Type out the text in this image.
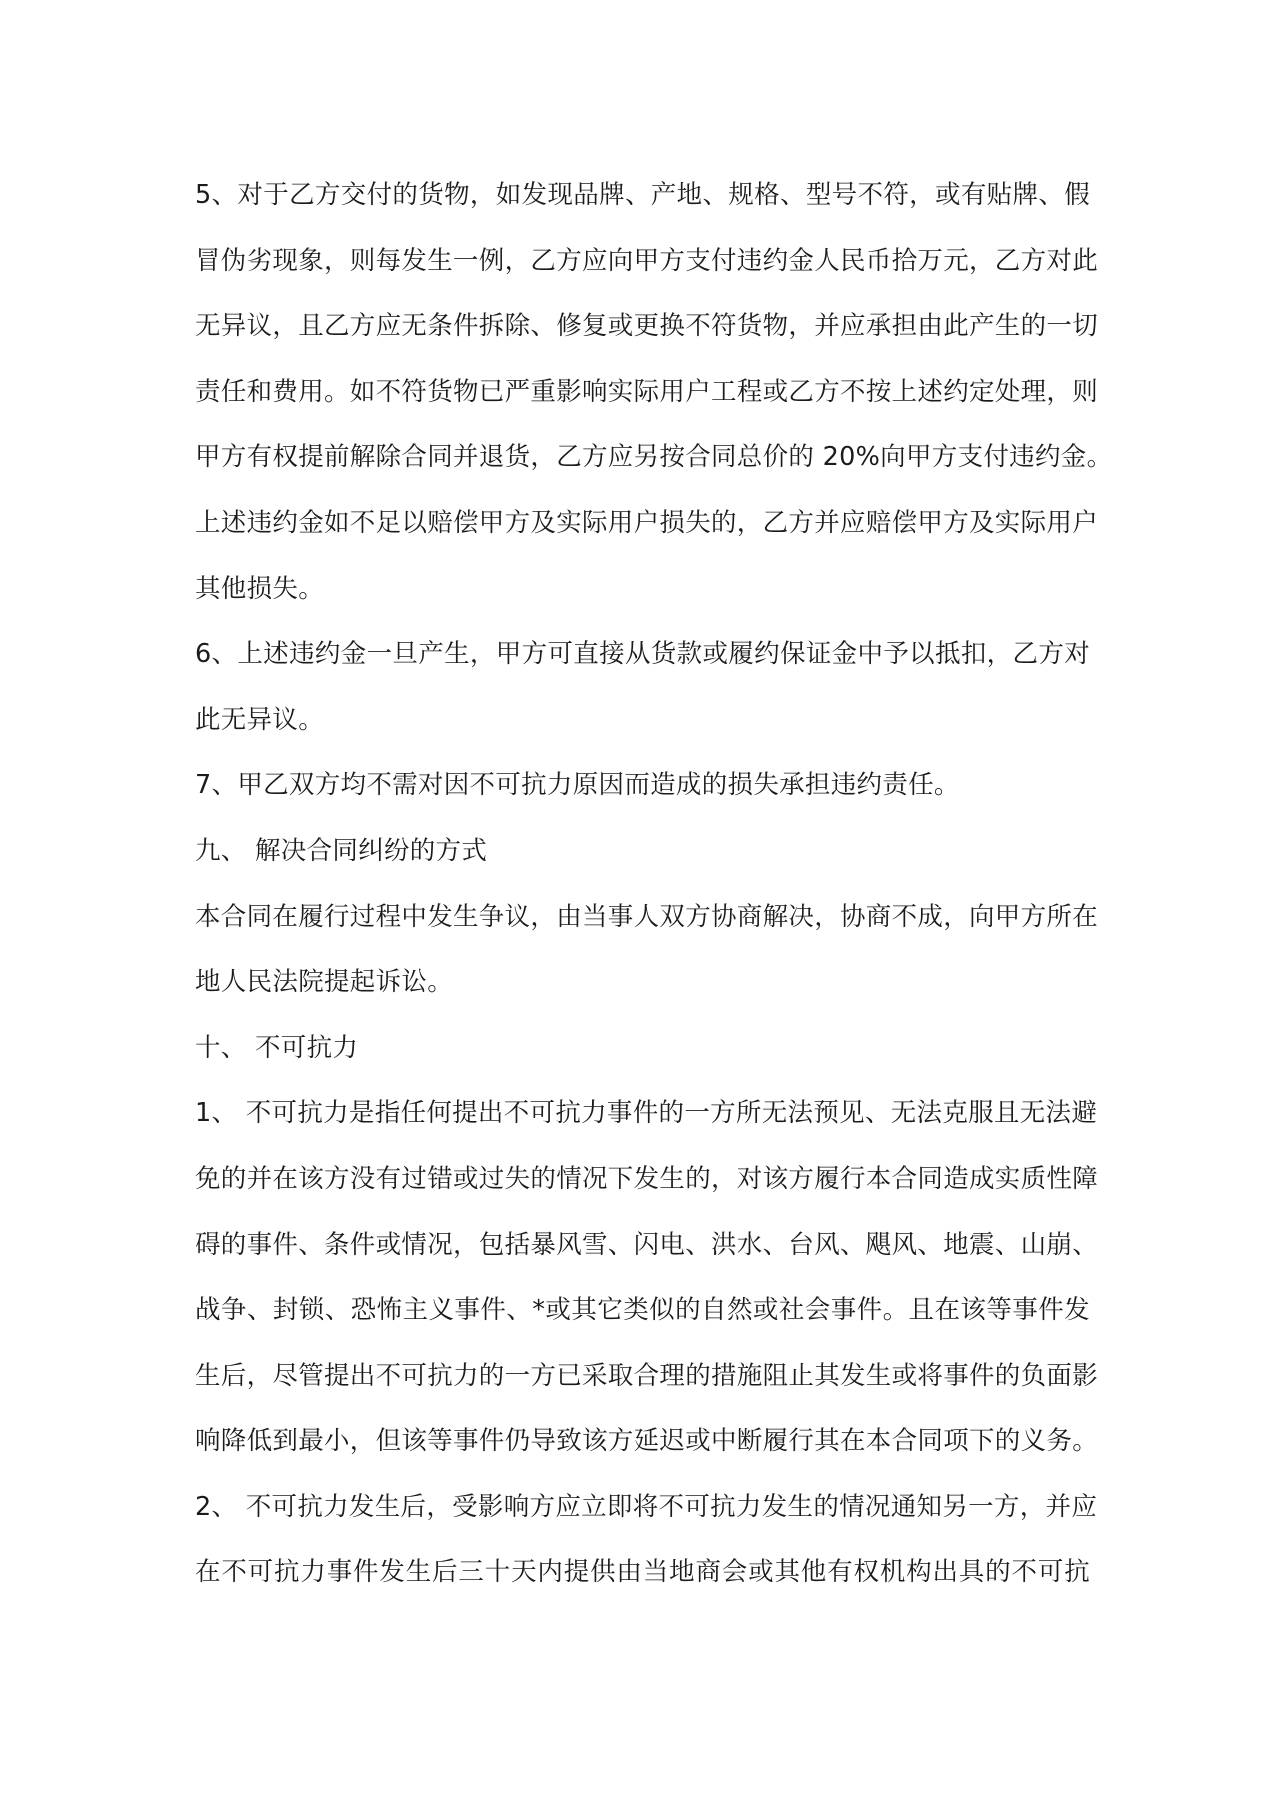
5、对于乙方交付的货物，如发现品牌、产地、规格、型号不符，或有贴牌、假
冒伪劣现象，则每发生一例，乙方应向甲方支付违约金人民币拾万元，乙方对此
无异议，且乙方应无条件拆除、修复或更换不符货物，并应承担由此产生的一切
责任和费用。如不符货物已严重影响实际用户工程或乙方不按上述约定处理，则
甲方有权提前解除合同并退货，乙方应另按合同总价的 20%向甲方支付违约金。
上述违约金如不足以赔偿甲方及实际用户损失的，乙方并应赔偿甲方及实际用户
其他损失。
6、上述违约金一旦产生，甲方可直接从货款或履约保证金中予以抵扣，乙方对
此无异议。
7、甲乙双方均不需对因不可抗力原因而造成的损失承担违约责任。
九、 解决合同纠纷的方式
本合同在履行过程中发生争议，由当事人双方协商解决，协商不成，向甲方所在
地人民法院提起诉讼。
十、 不可抗力
1、 不可抗力是指任何提出不可抗力事件的一方所无法预见、无法克服且无法避
免的并在该方没有过错或过失的情况下发生的，对该方履行本合同造成实质性障
碍的事件、条件或情况，包括暴风雪、闪电、洪水、台风、飓风、地震、山崩、
战争、封锁、恐怖主义事件、*或其它类似的自然或社会事件。且在该等事件发
生后，尽管提出不可抗力的一方已采取合理的措施阻止其发生或将事件的负面影
响降低到最小，但该等事件仍导致该方延迟或中断履行其在本合同项下的义务。
2、 不可抗力发生后，受影响方应立即将不可抗力发生的情况通知另一方，并应
在不可抗力事件发生后三十天内提供由当地商会或其他有权机构出具的不可抗
